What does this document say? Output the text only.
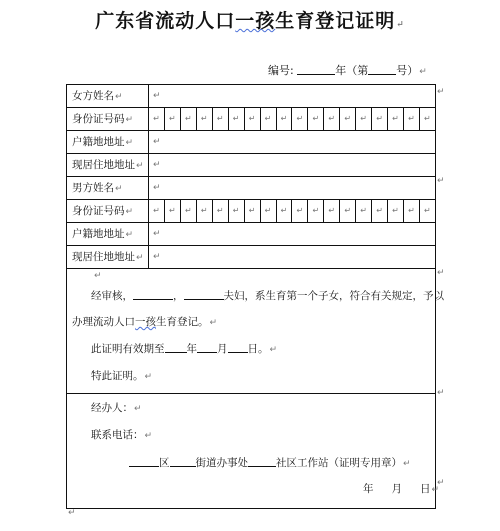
广东省流动人口一孩生育登记证明↵
编号:	年（第	号）↵
女方姓名↵	↵
身份证号码↵	↵	↵	↵	↵	↵	↵	↵	↵	↵	↵	↵	↵	↵	↵	↵	↵	↵	↵
户籍地地址↵	↵
现居住地地址↵	↵
男方姓名↵	↵
身份证号码↵	↵	↵	↵	↵	↵	↵	↵	↵	↵	↵	↵	↵	↵	↵	↵	↵	↵	↵
户籍地地址↵	↵
现居住地地址↵	↵
↵
经审核，	，	夫妇，系生育第一个子女，符合有关规定，予以
办理流动人口一孩生育登记。↵
此证明有效期至 年 月 日。↵
特此证明。↵
经办人：↵
联系电话：↵
区 街道办事处	社区工作站（证明专用章）↵
年 月 日↵
↵
↵
↵
↵
↵
↵
